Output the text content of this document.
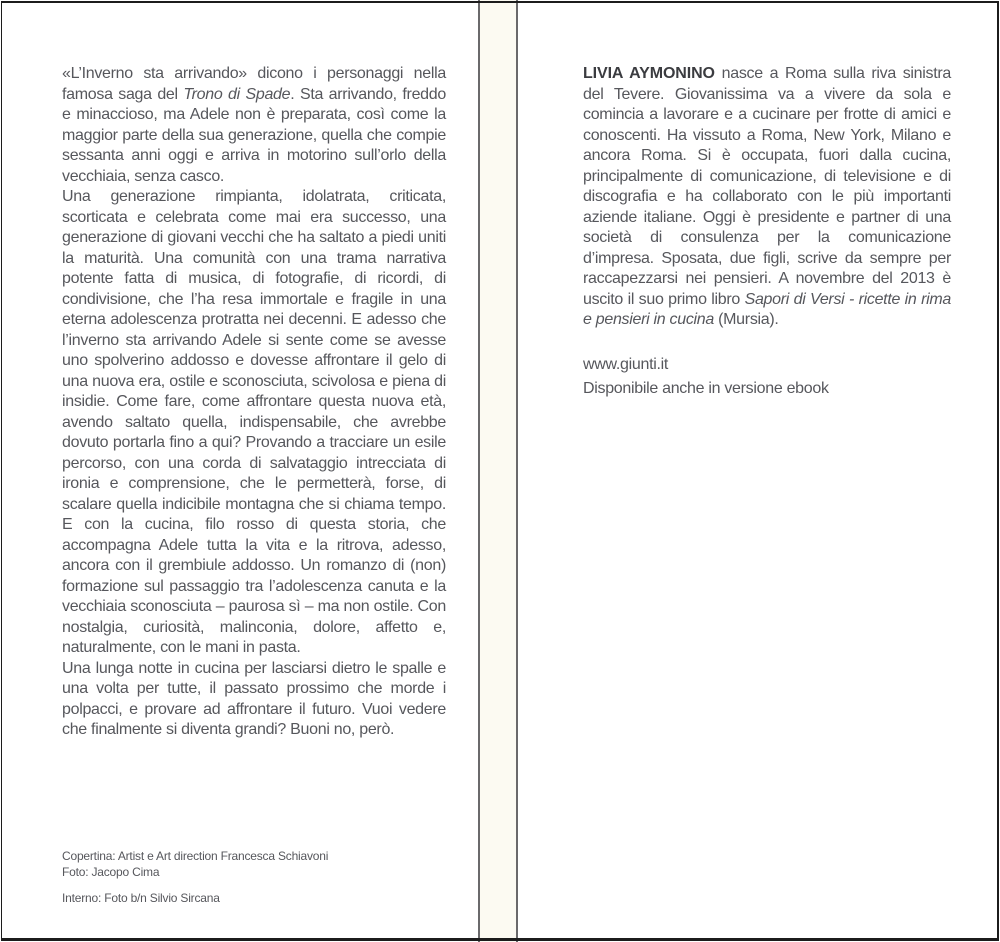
«L’Inverno sta arrivando» dicono i personaggi nella famosa saga del Trono di Spade. Sta arrivando, freddo e minaccioso, ma Adele non è preparata, così come la maggior parte della sua generazione, quella che compie sessanta anni oggi e arriva in motorino sull’orlo della vecchiaia, senza casco.

Una generazione rimpianta, idolatrata, criticata, scorticata e celebrata come mai era successo, una generazione di giovani vecchi che ha saltato a piedi uniti la maturità. Una comunità con una trama narrativa potente fatta di musica, di fotografie, di ricordi, di condivisione, che l’ha resa immortale e fragile in una eterna adolescenza protratta nei decenni. E adesso che l’inverno sta arrivando Adele si sente come se avesse uno spolverino addosso e dovesse affrontare il gelo di una nuova era, ostile e sconosciuta, scivolosa e piena di insidie. Come fare, come affrontare questa nuova età, avendo saltato quella, indispensabile, che avrebbe dovuto portarla fino a qui? Provando a tracciare un esile percorso, con una corda di salvataggio intrecciata di ironia e comprensione, che le permetterà, forse, di scalare quella indicibile montagna che si chiama tempo. E con la cucina, filo rosso di questa storia, che accompagna Adele tutta la vita e la ritrova, adesso, ancora con il grembiule addosso. Un romanzo di (non) formazione sul passaggio tra l’adolescenza canuta e la vecchiaia sconosciuta – paurosa sì – ma non ostile. Con nostalgia, curiosità, malinconia, dolore, affetto e, naturalmente, con le mani in pasta.

Una lunga notte in cucina per lasciarsi dietro le spalle e una volta per tutte, il passato prossimo che morde i polpacci, e provare ad affrontare il futuro. Vuoi vedere che finalmente si diventa grandi? Buoni no, però.

Copertina: Artist e Art direction Francesca Schiavoni
Foto: Jacopo Cima
Interno: Foto b/n Silvio Sircana

LIVIA AYMONINO nasce a Roma sulla riva sinistra del Tevere. Giovanissima va a vivere da sola e comincia a lavorare e a cucinare per frotte di amici e conoscenti. Ha vissuto a Roma, New York, Milano e ancora Roma. Si è occupata, fuori dalla cucina, principalmente di comunicazione, di televisione e di discografia e ha collaborato con le più importanti aziende italiane. Oggi è presidente e partner di una società di consulenza per la comunicazione d’impresa. Sposata, due figli, scrive da sempre per raccapezzarsi nei pensieri. A novembre del 2013 è uscito il suo primo libro Sapori di Versi - ricette in rima e pensieri in cucina (Mursia).

www.giunti.it
Disponibile anche in versione ebook
